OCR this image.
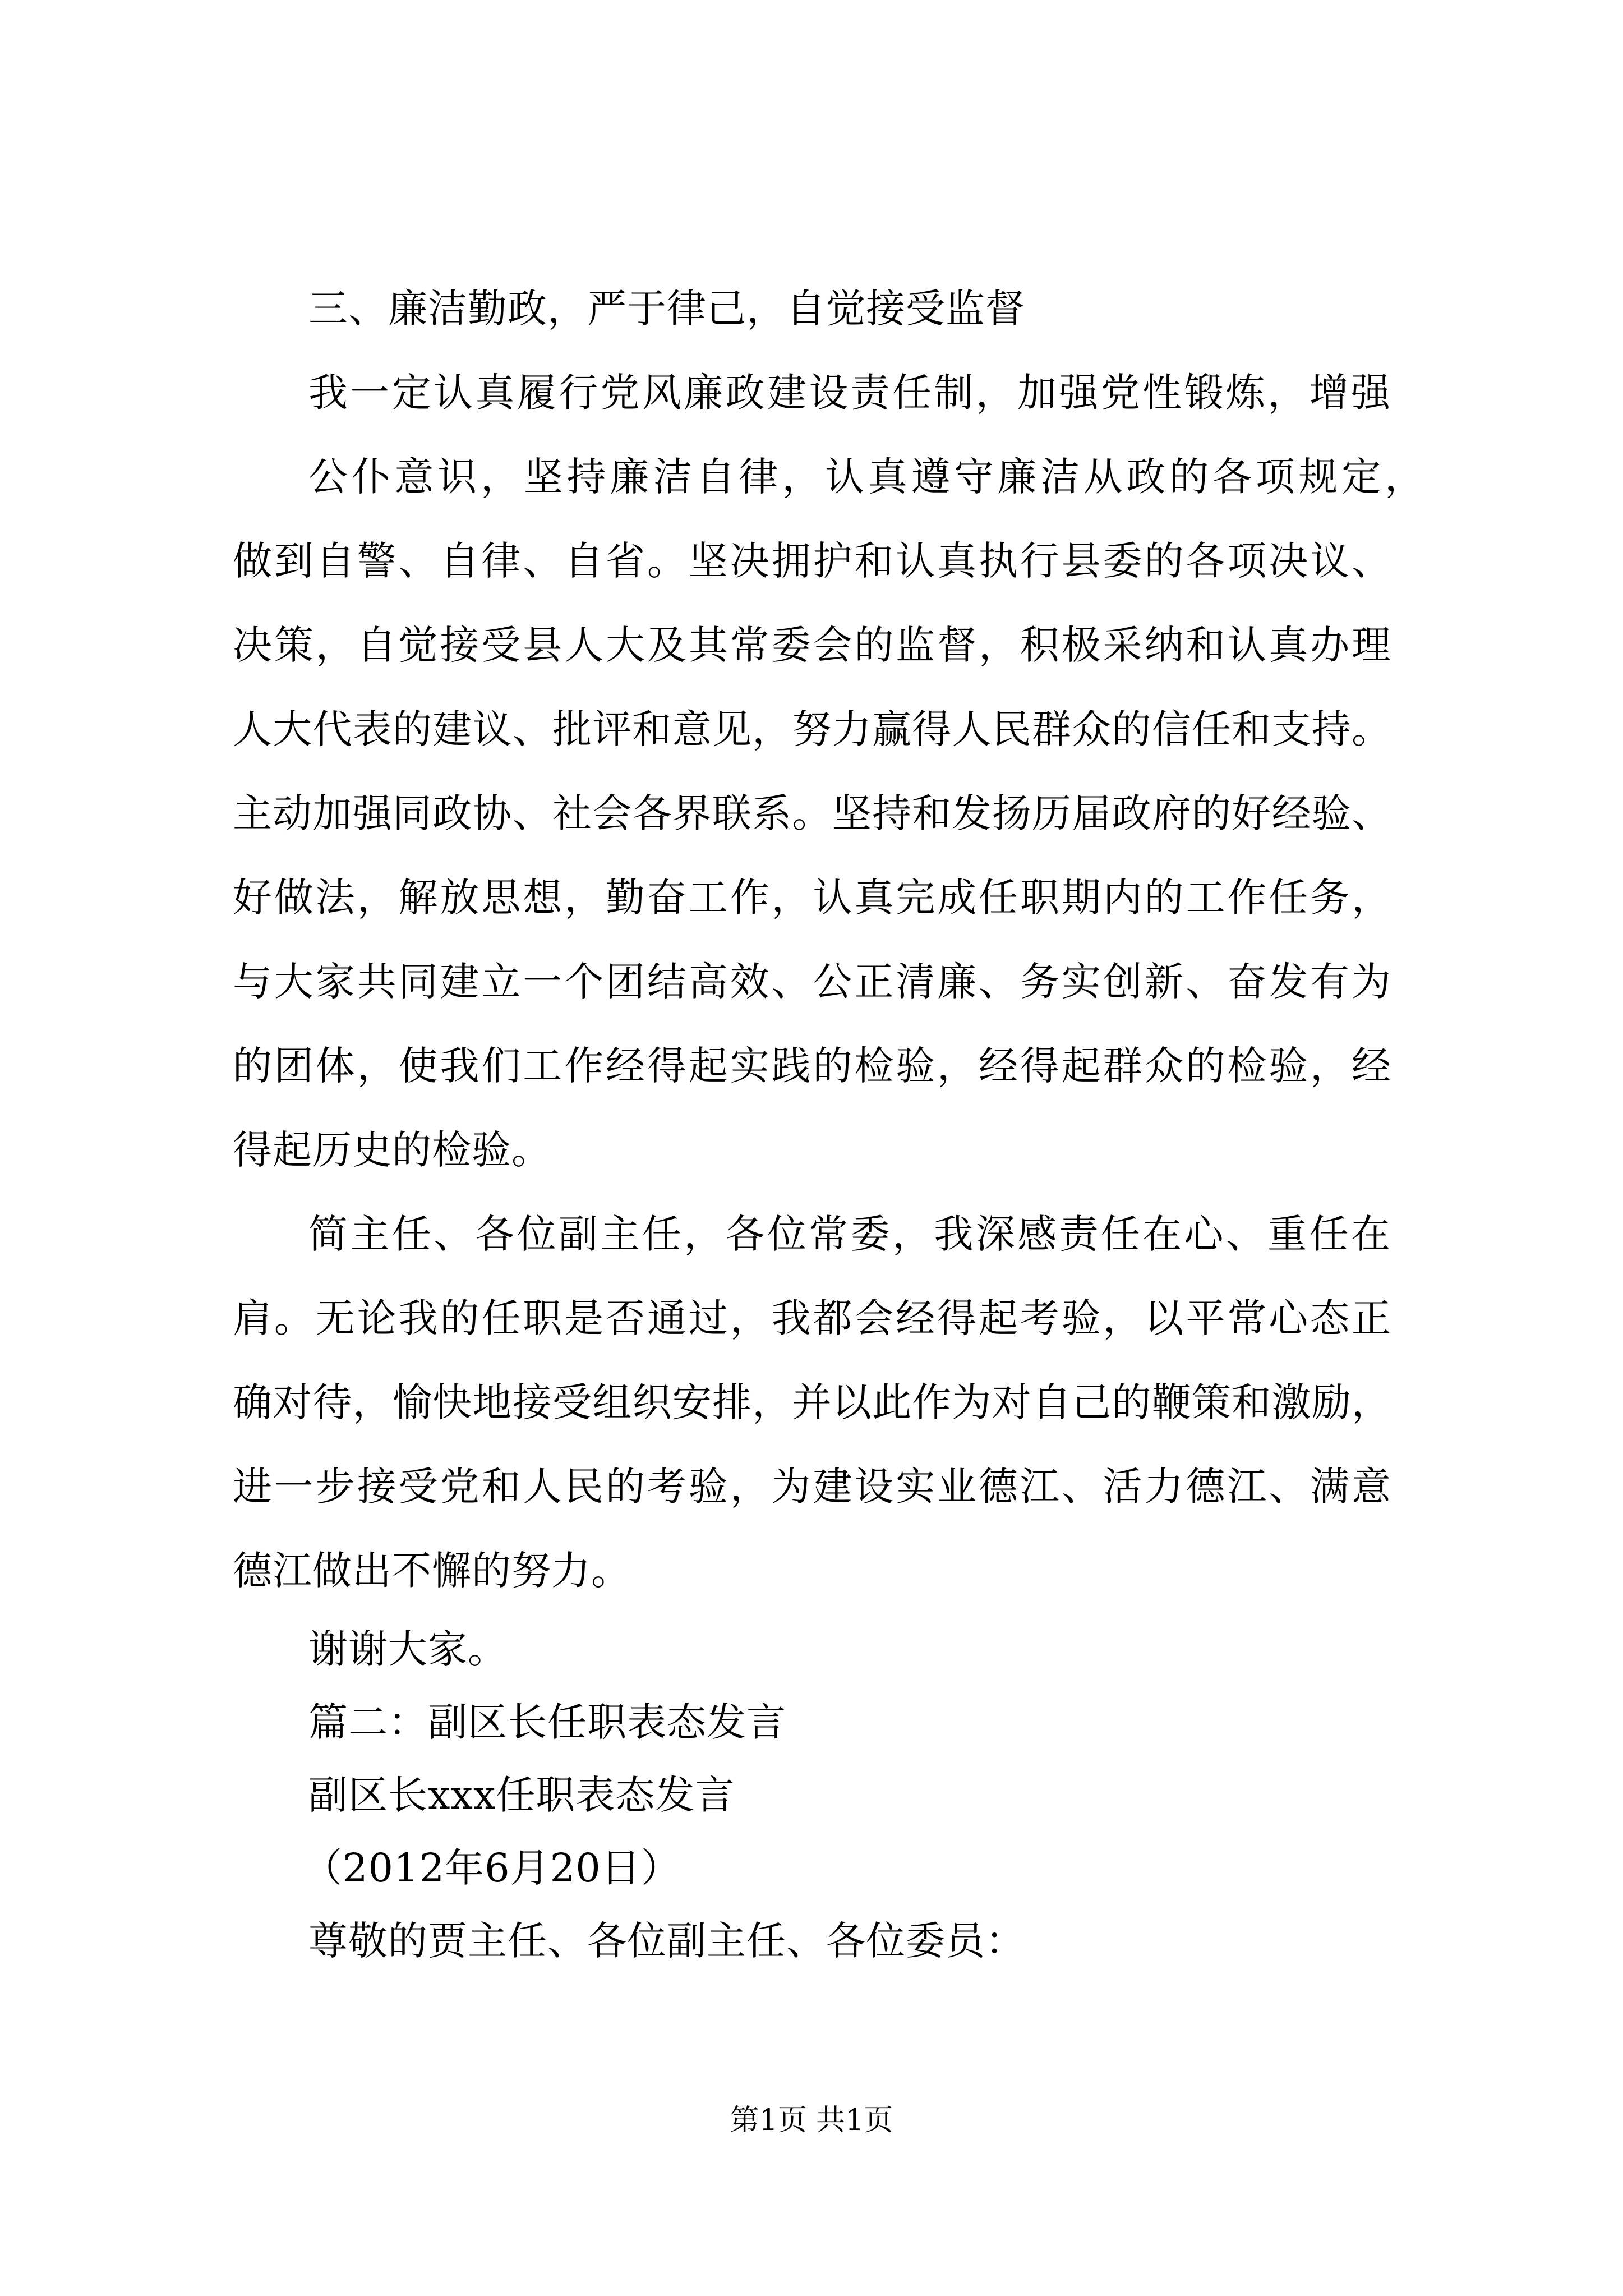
三、廉洁勤政，严于律己，自觉接受监督
我一定认真履行党风廉政建设责任制，加强党性锻炼，增强
公仆意识，坚持廉洁自律，认真遵守廉洁从政的各项规定，
做到自警、自律、自省。坚决拥护和认真执行县委的各项决议、
决策，自觉接受县人大及其常委会的监督，积极采纳和认真办理
人大代表的建议、批评和意见，努力赢得人民群众的信任和支持。
主动加强同政协、社会各界联系。坚持和发扬历届政府的好经验、
好做法，解放思想，勤奋工作，认真完成任职期内的工作任务，
与大家共同建立一个团结高效、公正清廉、务实创新、奋发有为
的团体，使我们工作经得起实践的检验，经得起群众的检验，经
得起历史的检验。
简主任、各位副主任，各位常委，我深感责任在心、重任在
肩。无论我的任职是否通过，我都会经得起考验，以平常心态正
确对待，愉快地接受组织安排，并以此作为对自己的鞭策和激励，
进一步接受党和人民的考验，为建设实业德江、活力德江、满意
德江做出不懈的努力。
谢谢大家。
篇二：副区长任职表态发言
副区长xxx任职表态发言
（2012年6月20日）
尊敬的贾主任、各位副主任、各位委员：
第1页 共1页
